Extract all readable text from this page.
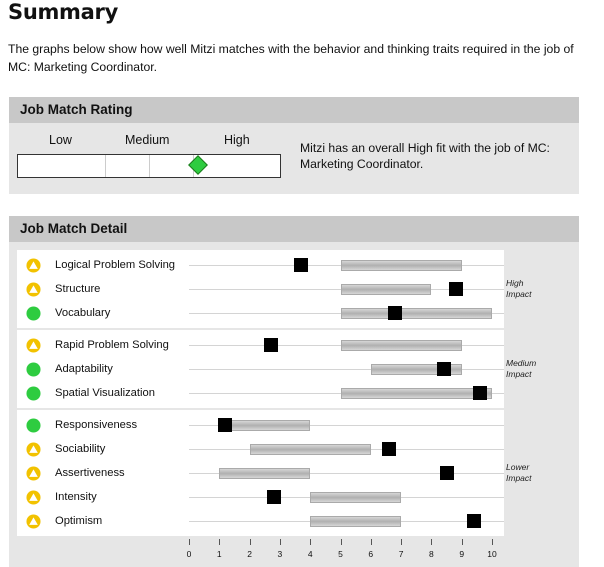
Summary
The graphs below show how well Mitzi matches with the behavior and thinking traits required in the job of MC: Marketing Coordinator.
Job Match Rating
Low	Medium	High
Mitzi has an overall High fit with the job of MC: Marketing Coordinator.
Job Match Detail
Logical Problem Solving
Structure
Vocabulary
Rapid Problem Solving
Adaptability
Spatial Visualization
Responsiveness
Sociability
Assertiveness
Intensity
Optimism
0	1	2	3	4	5	6	7	8	9	10
High
Impact
Medium
Impact
Lower
Impact
